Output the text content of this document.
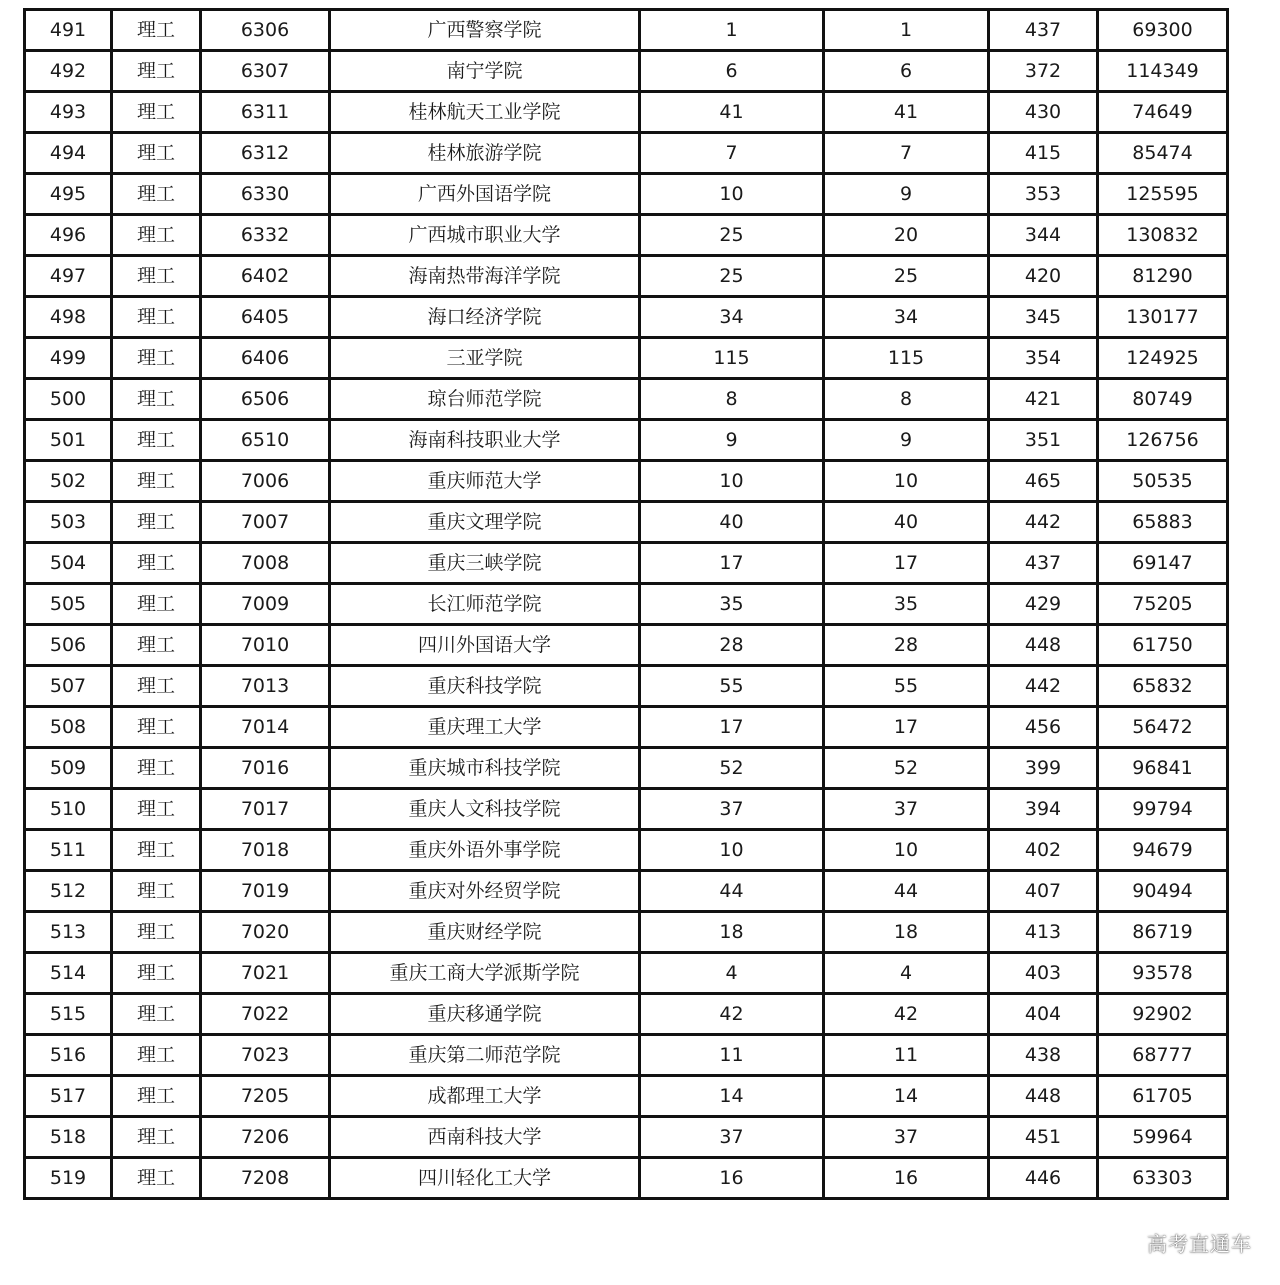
491	理工	6306	广西警察学院	1	1	437	69300
492	理工	6307	南宁学院	6	6	372	114349
493	理工	6311	桂林航天工业学院	41	41	430	74649
494	理工	6312	桂林旅游学院	7	7	415	85474
495	理工	6330	广西外国语学院	10	9	353	125595
496	理工	6332	广西城市职业大学	25	20	344	130832
497	理工	6402	海南热带海洋学院	25	25	420	81290
498	理工	6405	海口经济学院	34	34	345	130177
499	理工	6406	三亚学院	115	115	354	124925
500	理工	6506	琼台师范学院	8	8	421	80749
501	理工	6510	海南科技职业大学	9	9	351	126756
502	理工	7006	重庆师范大学	10	10	465	50535
503	理工	7007	重庆文理学院	40	40	442	65883
504	理工	7008	重庆三峡学院	17	17	437	69147
505	理工	7009	长江师范学院	35	35	429	75205
506	理工	7010	四川外国语大学	28	28	448	61750
507	理工	7013	重庆科技学院	55	55	442	65832
508	理工	7014	重庆理工大学	17	17	456	56472
509	理工	7016	重庆城市科技学院	52	52	399	96841
510	理工	7017	重庆人文科技学院	37	37	394	99794
511	理工	7018	重庆外语外事学院	10	10	402	94679
512	理工	7019	重庆对外经贸学院	44	44	407	90494
513	理工	7020	重庆财经学院	18	18	413	86719
514	理工	7021	重庆工商大学派斯学院	4	4	403	93578
515	理工	7022	重庆移通学院	42	42	404	92902
516	理工	7023	重庆第二师范学院	11	11	438	68777
517	理工	7205	成都理工大学	14	14	448	61705
518	理工	7206	西南科技大学	37	37	451	59964
519	理工	7208	四川轻化工大学	16	16	446	63303
高考直通车
